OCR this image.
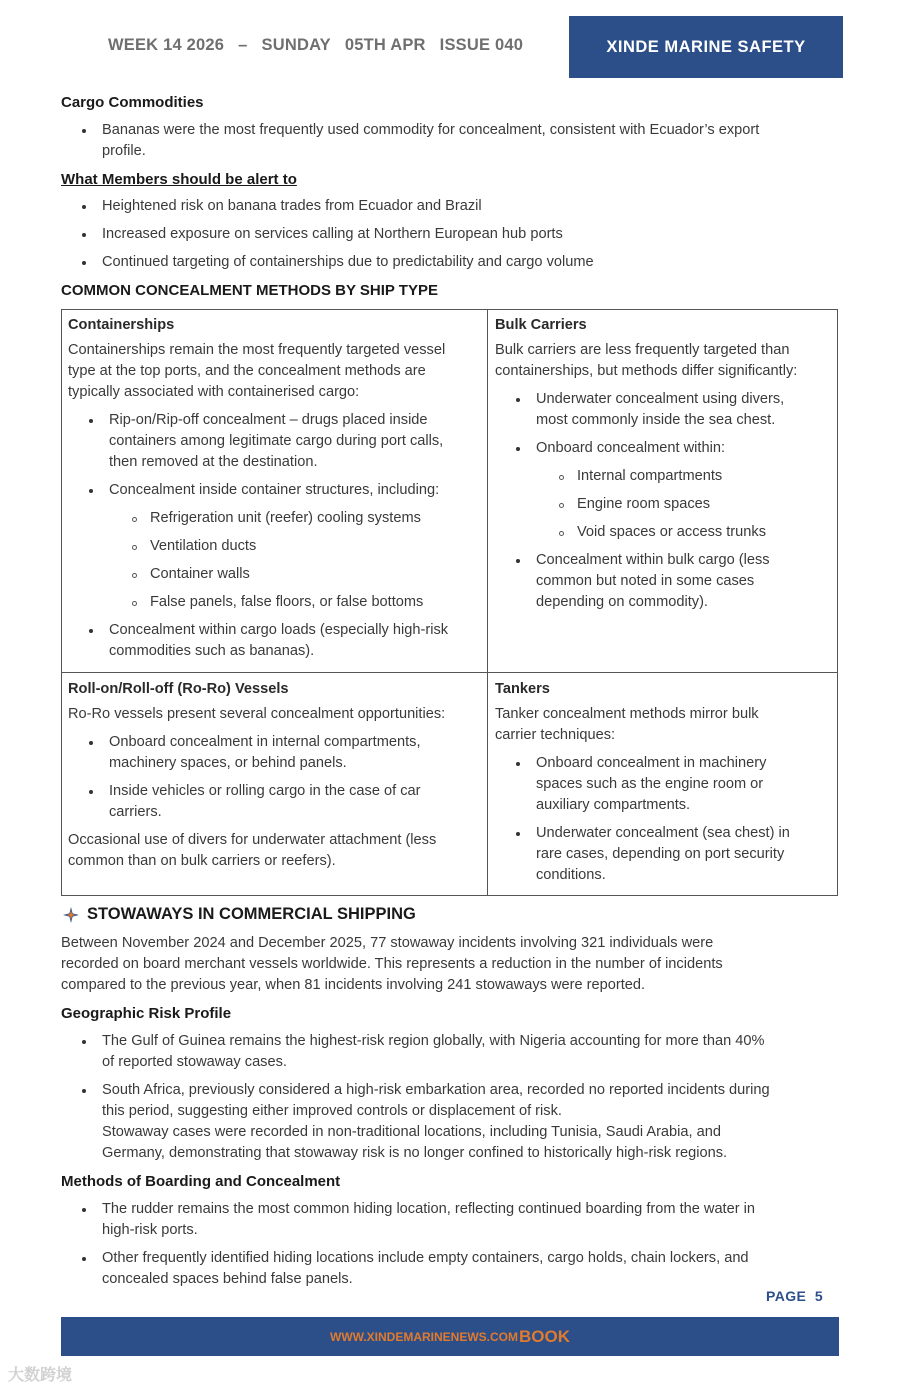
WEEK 14 2026 – SUNDAY 05TH APR ISSUE 040	XINDE MARINE SAFETY
Cargo Commodities
Bananas were the most frequently used commodity for concealment, consistent with Ecuador’s export
profile.
What Members should be alert to
Heightened risk on banana trades from Ecuador and Brazil
Increased exposure on services calling at Northern European hub ports
Continued targeting of containerships due to predictability and cargo volume
COMMON CONCEALMENT METHODS BY SHIP TYPE
Containerships
Containerships remain the most frequently targeted vessel
type at the top ports, and the concealment methods are
typically associated with containerised cargo:
Rip-on/Rip-off concealment – drugs placed inside
containers among legitimate cargo during port calls,
then removed at the destination.
Concealment inside container structures, including:
Refrigeration unit (reefer) cooling systems
Ventilation ducts
Container walls
False panels, false floors, or false bottoms
Concealment within cargo loads (especially high-risk
commodities such as bananas).
Bulk Carriers
Bulk carriers are less frequently targeted than
containerships, but methods differ significantly:
Underwater concealment using divers,
most commonly inside the sea chest.
Onboard concealment within:
Internal compartments
Engine room spaces
Void spaces or access trunks
Concealment within bulk cargo (less
common but noted in some cases
depending on commodity).
Roll-on/Roll-off (Ro-Ro) Vessels
Ro-Ro vessels present several concealment opportunities:
Onboard concealment in internal compartments,
machinery spaces, or behind panels.
Inside vehicles or rolling cargo in the case of car
carriers.
Occasional use of divers for underwater attachment (less
common than on bulk carriers or reefers).
Tankers
Tanker concealment methods mirror bulk
carrier techniques:
Onboard concealment in machinery
spaces such as the engine room or
auxiliary compartments.
Underwater concealment (sea chest) in
rare cases, depending on port security
conditions.
STOWAWAYS IN COMMERCIAL SHIPPING
Between November 2024 and December 2025, 77 stowaway incidents involving 321 individuals were
recorded on board merchant vessels worldwide. This represents a reduction in the number of incidents
compared to the previous year, when 81 incidents involving 241 stowaways were reported.
Geographic Risk Profile
The Gulf of Guinea remains the highest-risk region globally, with Nigeria accounting for more than 40%
of reported stowaway cases.
South Africa, previously considered a high-risk embarkation area, recorded no reported incidents during
this period, suggesting either improved controls or displacement of risk.
Stowaway cases were recorded in non-traditional locations, including Tunisia, Saudi Arabia, and
Germany, demonstrating that stowaway risk is no longer confined to historically high-risk regions.
Methods of Boarding and Concealment
The rudder remains the most common hiding location, reflecting continued boarding from the water in
high-risk ports.
Other frequently identified hiding locations include empty containers, cargo holds, chain lockers, and
concealed spaces behind false panels.
PAGE 5
WWW.XINDEMARINENEWS.COM BOOK
大数跨境
